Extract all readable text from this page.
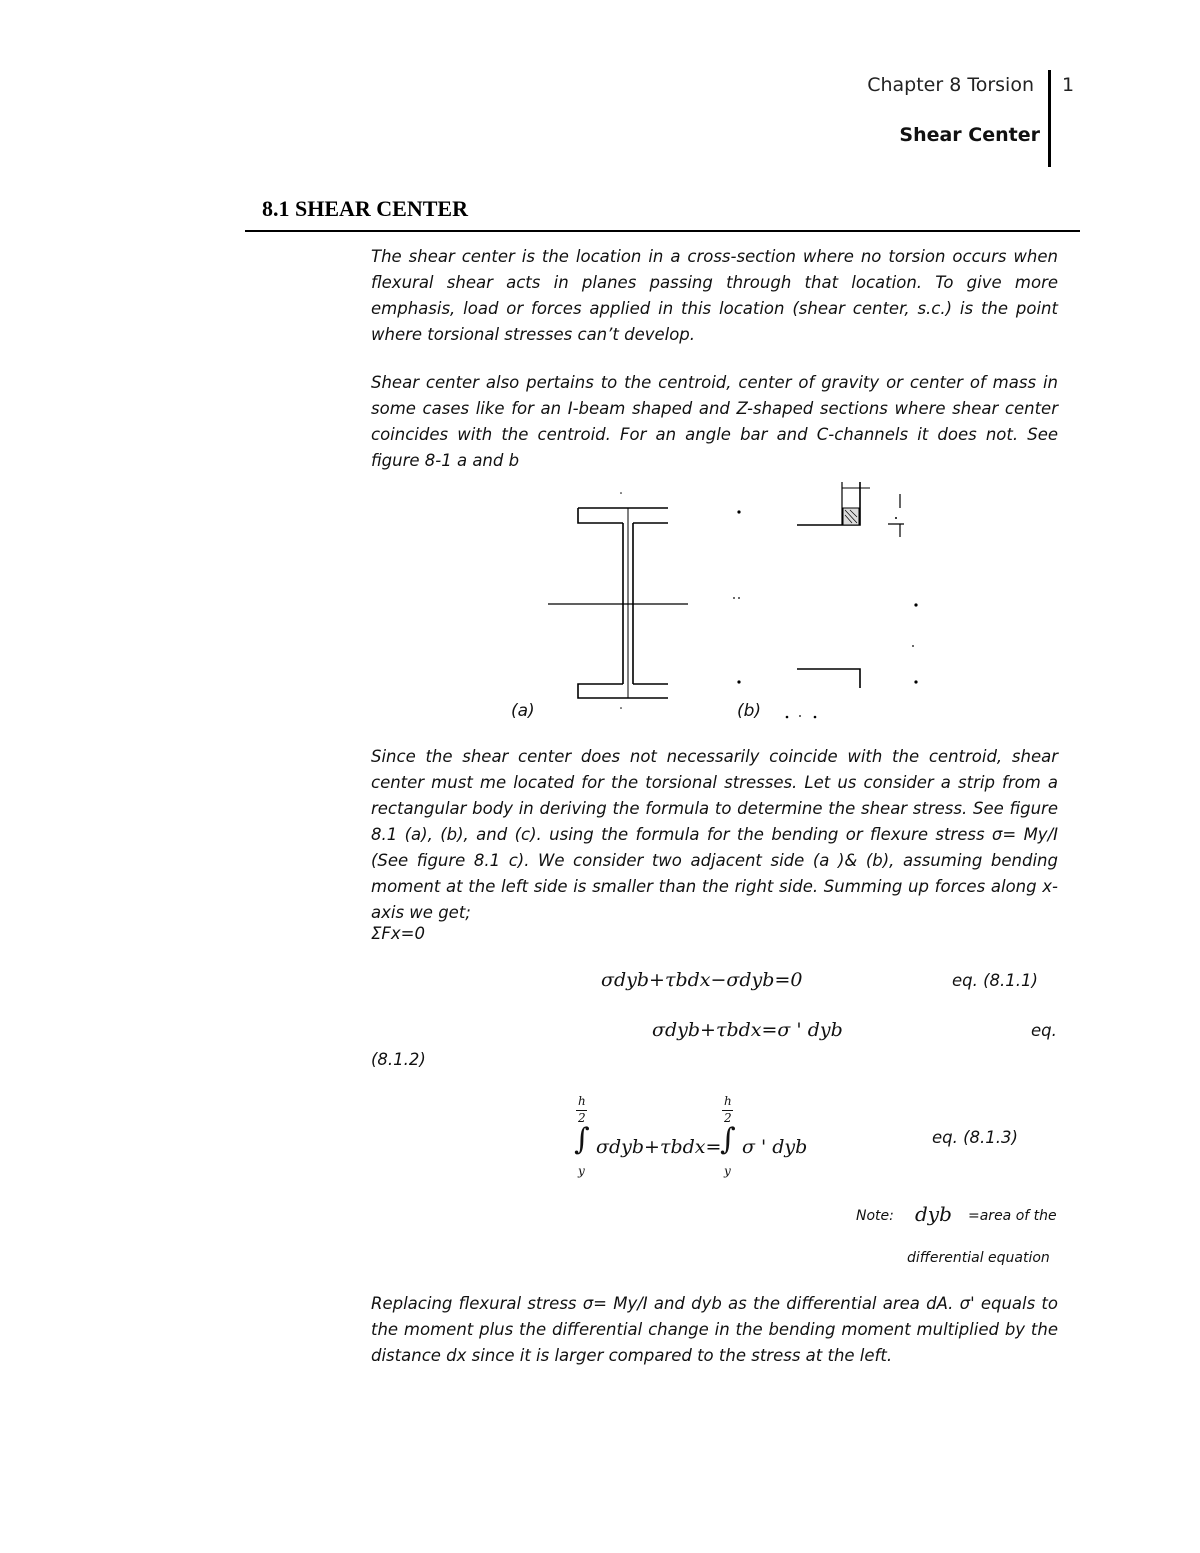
Chapter 8 Torsion 1
Shear Center
8.1 SHEAR CENTER

The shear center is the location in a cross-section where no torsion occurs when flexural shear acts in planes passing through that location. To give more emphasis, load or forces applied in this location (shear center, s.c.) is the point where torsional stresses can’t develop.

Shear center also pertains to the centroid, center of gravity or center of mass in some cases like for an I-beam shaped and Z-shaped sections where shear center coincides with the centroid. For an angle bar and C-channels it does not. See figure 8-1 a and b

(a)	(b)

Since the shear center does not necessarily coincide with the centroid, shear center must me located for the torsional stresses. Let us consider a strip from a rectangular body in deriving the formula to determine the shear stress. See figure 8.1 (a), (b), and (c). using the formula for the bending or flexure stress σ= My/I (See figure 8.1 c). We consider two adjacent side (a )& (b), assuming bending moment at the left side is smaller than the right side. Summing up forces along x-axis we get;

ΣFx=0

σdyb+τbdx−σdyb=0	eq. (8.1.1)
σdyb+τbdx=σ ' dyb	eq.
(8.1.2)
h
2
∫
y
σdyb+τbdx=
h
2
∫
y
σ ' dyb	eq. (8.1.3)
Note: dyb =area of the
differential equation

Replacing flexural stress σ= My/I and dyb as the differential area dA. σ' equals to the moment plus the differential change in the bending moment multiplied by the distance dx since it is larger compared to the stress at the left.
